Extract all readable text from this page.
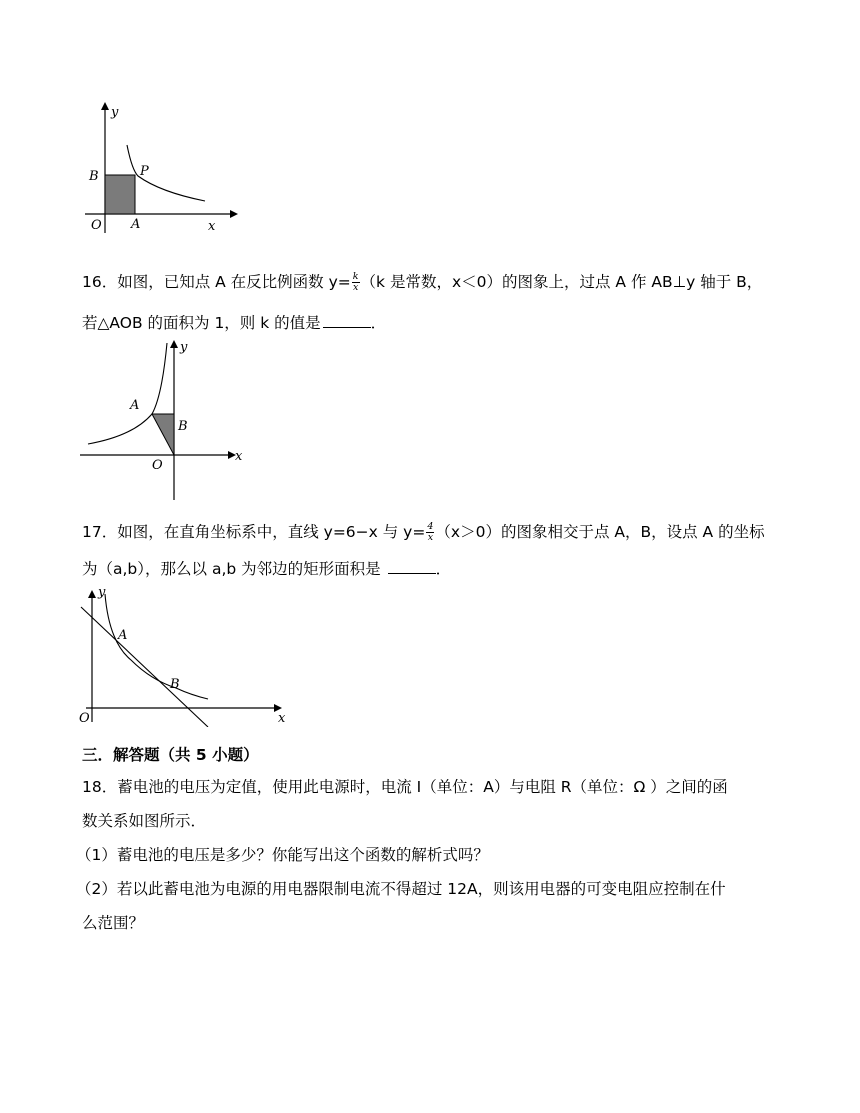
y
x
O A
B	P
16．如图，已知点 A 在反比例函数 $y= \frac{k}{x} (k$ 是常数，x＜0）的图象上，过点 A 作 AB⊥y 轴于 B，
若△AOB 的面积为 1，则 k 的值是	．
y
x
O
A
B
17．如图，在直角坐标系中，直线 y=6−x 与 $y= \frac{4}{x} (x>0)$的图象相交于点 A，B，设点 A 的坐标
为（a,b），那么以 a,b 为邻边的矩形面积是	．
y
x
O
A
B
三．解答题（共 5 小题）
18．蓄电池的电压为定值，使用此电源时，电流 I（单位：A）与电阻 R（单位：Ω ）之间的函
数关系如图所示．
（1）蓄电池的电压是多少？你能写出这个函数的解析式吗？
（2）若以此蓄电池为电源的用电器限制电流不得超过 12A，则该用电器的可变电阻应控制在什
么范围？
